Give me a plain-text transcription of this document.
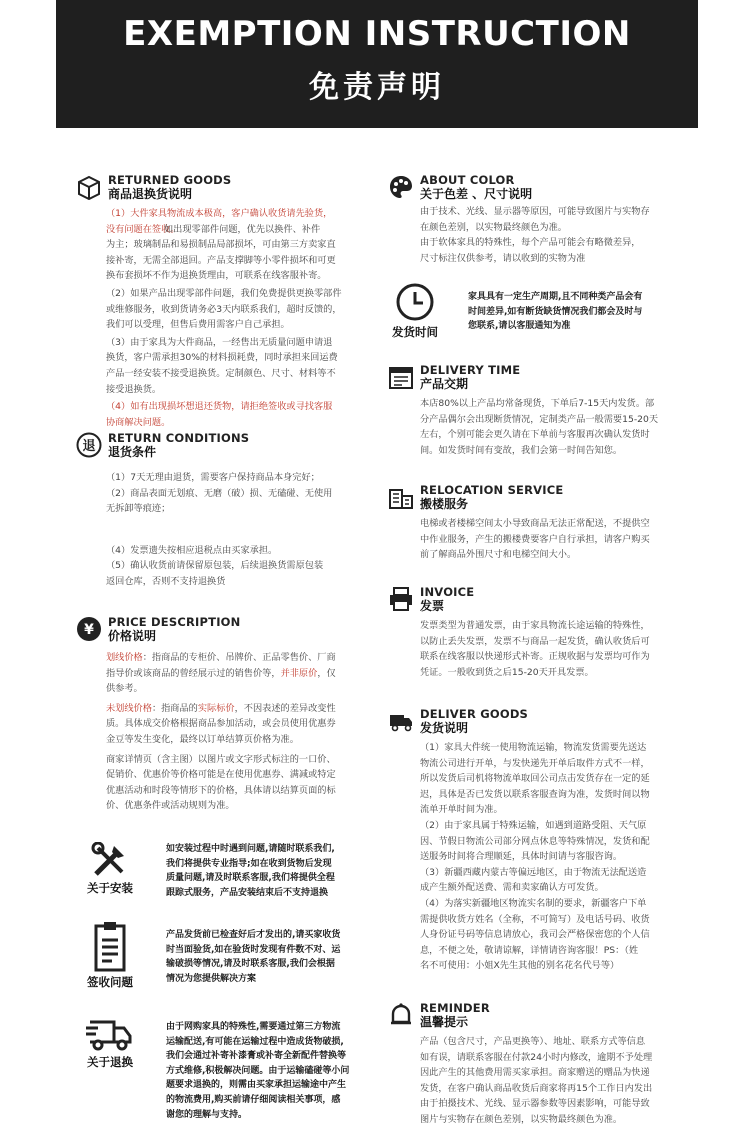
EXEMPTION INSTRUCTION
免责声明
RETURNED GOODS
商品退换货说明
（1）大件家具物流成本极高，客户确认收货请先验货，
没有问题在签收。
如出现零部件问题，优先以换件、补件
为主；玻璃制品和易损制品局部损坏，可由第三方卖家直
接补寄，无需全部退回。产品支撑脚等小零件损坏和可更
换布套损坏不作为退换货理由，可联系在线客服补寄。
（2）如果产品出现零部件问题，我们免费提供更换零部件
或维修服务，收到货请务必3天内联系我们，超时反馈的，
我们可以受理，但售后费用需客户自己承担。
（3）由于家具为大件商品，一经售出无质量问题申请退
换货，客户需承担30%的材料损耗费，同时承担来回运费
产品一经安装不接受退换货。定制颜色、尺寸、材料等不
接受退换货。
（4）如有出现损坏想退还货物，请拒绝签收或寻找客服
协商解决问题。
退
RETURN CONDITIONS
退货条件
（1）7天无理由退货，需要客户保持商品本身完好；
（2）商品表面无划痕、无磨（破）损、无磕碰、无使用
无拆卸等痕迹；
（4）发票遗失按相应退税点由买家承担。
（5）确认收货前请保留原包装，后续退换货需原包装
返回仓库，否则不支持退换货
¥ PRICE DESCRIPTION
价格说明
划线价格：指商品的专柜价、吊牌价、正品零售价、厂商
指导价或该商品的曾经展示过的销售价等，并非原价，仅
供参考。
未划线价格：指商品的实际标价，不因表述的差异改变性
质。具体成交价格根据商品参加活动，或会员使用优惠券
金豆等发生变化，最终以订单结算页价格为准。
商家详情页（含主图）以图片或文字形式标注的一口价、
促销价、优惠价等价格可能是在使用优惠券、满减或特定
优惠活动和时段等情形下的价格，具体请以结算页面的标
价、优惠条件或活动规则为准。
ABOUT COLOR
关于色差 、尺寸说明
由于技术、光线、显示器等原因，可能导致图片与实物存
在颜色差别，以实物最终颜色为准。
由于软体家具的特殊性，每个产品可能会有略微差异，
尺寸标注仅供参考，请以收到的实物为准
发货时间
家具具有一定生产周期,且不同种类产品会有
时间差异,如有断货缺货情况我们都会及时与
您联系,请以客服通知为准
DELIVERY TIME
产品交期
本店80%以上产品均常备现货，下单后7-15天内发货。部
分产品偶尔会出现断货情况，定制类产品一般需要15-20天
左右，个别可能会更久请在下单前与客服再次确认发货时
间。如发货时间有变故，我们会第一时间告知您。
RELOCATION SERVICE
搬楼服务
电梯或者楼梯空间太小导致商品无法正常配送，不提供空
中作业服务，产生的搬楼费要客户自行承担，请客户购买
前了解商品外围尺寸和电梯空间大小。
INVOICE
发票
发票类型为普通发票，由于家具物流长途运输的特殊性，
以防止丢失发票，发票不与商品一起发货，确认收货后可
联系在线客服以快递形式补寄。正规收据与发票均可作为
凭证。一般收到货之后15-20天开具发票。
DELIVER GOODS
发货说明
（1）家具大件统一使用物流运输，物流发货需要先送达
物流公司进行开单，与发快递先开单后取件方式不一样，
所以发货后司机将物流单取回公司点击发货存在一定的延
迟，具体是否已发货以联系客服查询为准，发货时间以物
流单开单时间为准。
（2）由于家具属于特殊运输，如遇到道路受阻、天气原
因、节假日物流公司部分网点休息等特殊情况，发货和配
送服务时间将合理顺延，具体时间请与客服咨询。
（3）新疆西藏内蒙古等偏远地区，由于物流无法配送造
成产生额外配送费、需和卖家确认方可发货。
（4）为落实新疆地区物流实名制的要求，新疆客户下单
需提供收货方姓名（全称，不可简写）及电话号码、收货
人身份证号码等信息请放心，我司会严格保密您的个人信
息，不便之处，敬请谅解，详情请咨询客服！PS：（姓
名不可使用：小姐X先生其他的别名花名代号等）
关于安装
如安装过程中时遇到问题,请随时联系我们,
我们将提供专业指导;如在收到货物后发现
质量问题,请及时联系客服,我们将提供全程
跟踪式服务，产品安装结束后不支持退换
签收问题
产品发货前已检查好后才发出的,请买家收货
时当面验货,如在验货时发现有件数不对、运
输破损等情况,请及时联系客服,我们会根据
情况为您提供解决方案
关于退换
由于网购家具的特殊性,需要通过第三方物流
运输配送,有可能在运输过程中造成货物破损,
我们会通过补寄补漆膏或补寄全新配件替换等
方式维修,积极解决问题。由于运输磕碰等小问
题要求退换的，则需由买家承担运输途中产生
的物流费用,购买前请仔细阅读相关事项，感
谢您的理解与支持。
REMINDER
温馨提示
产品（包含尺寸，产品更换等）、地址、联系方式等信息
如有误，请联系客服在付款24小时内修改，逾期不予处理
因此产生的其他费用需买家承担。商家赠送的赠品为快递
发货，在客户确认商品收货后商家将再15个工作日内发出
由于拍摄技术、光线、显示器参数等因素影响，可能导致
图片与实物存在颜色差别，以实物最终颜色为准。
